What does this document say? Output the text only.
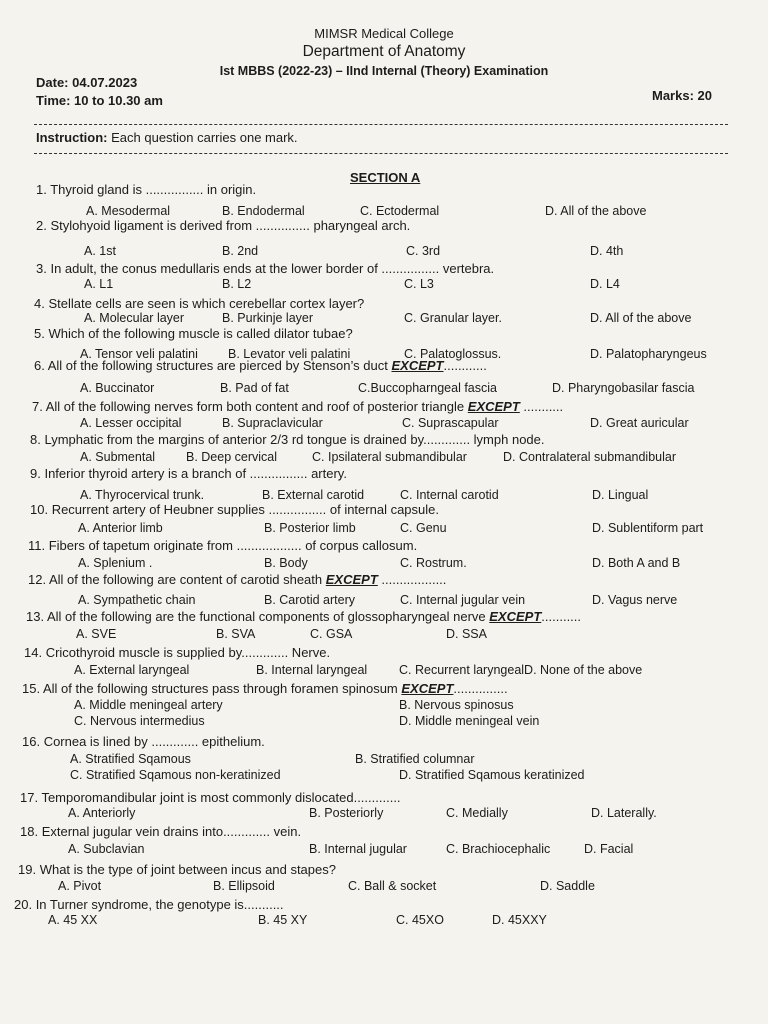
MIMSR Medical College
Department of Anatomy
Ist MBBS (2022-23) – IInd Internal (Theory) Examination
Date: 04.07.2023
Time: 10 to 10.30 am	Marks: 20
Instruction: Each question carries one mark.
SECTION A
1. Thyroid gland is ................ in origin.
A. Mesodermal	B. Endodermal	C. Ectodermal	D. All of the above
2. Stylohyoid ligament is derived from ............... pharyngeal arch.
A. 1st	B. 2nd	C. 3rd	D. 4th
3. In adult, the conus medullaris ends at the lower border of ................ vertebra.
A. L1	B. L2	C. L3	D. L4
4. Stellate cells are seen is which cerebellar cortex layer?
A. Molecular layer	B. Purkinje layer	C. Granular layer.	D. All of the above
5. Which of the following muscle is called dilator tubae?
A. Tensor veli palatini B. Levator veli palatini	C. Palatoglossus.	D. Palatopharyngeus
6. All of the following structures are pierced by Stenson’s duct EXCEPT............
A. Buccinator	B. Pad of fat	C.Buccopharngeal fascia	D. Pharyngobasilar fascia
7. All of the following nerves form both content and roof of posterior triangle EXCEPT ...........
A. Lesser occipital	B. Supraclavicular	C. Suprascapular	D. Great auricular
8. Lymphatic from the margins of anterior 2/3 rd tongue is drained by............. lymph node.
A. Submental B. Deep cervical	C. Ipsilateral submandibular	D. Contralateral submandibular
9. Inferior thyroid artery is a branch of ................ artery.
A. Thyrocervical trunk.	B. External carotid	C. Internal carotid	D. Lingual
10. Recurrent artery of Heubner supplies ................ of internal capsule.
A. Anterior limb	B. Posterior limb	C. Genu	D. Sublentiform part
11. Fibers of tapetum originate from .................. of corpus callosum.
A. Splenium .	B. Body	C. Rostrum.	D. Both A and B
12. All of the following are content of carotid sheath EXCEPT ..................
A. Sympathetic chain	B. Carotid artery	C. Internal jugular vein	D. Vagus nerve
13. All of the following are the functional components of glossopharyngeal nerve EXCEPT...........
A. SVE	B. SVA	C. GSA	D. SSA
14. Cricothyroid muscle is supplied by............. Nerve.
A. External laryngeal	B. Internal laryngeal	C. Recurrent laryngealD. None of the above
15. All of the following structures pass through foramen spinosum EXCEPT...............
A. Middle meningeal artery	B. Nervous spinosus
C. Nervous intermedius	D. Middle meningeal vein
16. Cornea is lined by ............. epithelium.
A. Stratified Sqamous	B. Stratified columnar
C. Stratified Sqamous non-keratinized	D. Stratified Sqamous keratinized
17. Temporomandibular joint is most commonly dislocated.............
A. Anteriorly	B. Posteriorly	C. Medially	D. Laterally.
18. External jugular vein drains into............. vein.
A. Subclavian	B. Internal jugular	C. Brachiocephalic	D. Facial
19. What is the type of joint between incus and stapes?
A. Pivot	B. Ellipsoid	C. Ball & socket	D. Saddle
20. In Turner syndrome, the genotype is...........
A. 45 XX	B. 45 XY	C. 45XO	D. 45XXY
